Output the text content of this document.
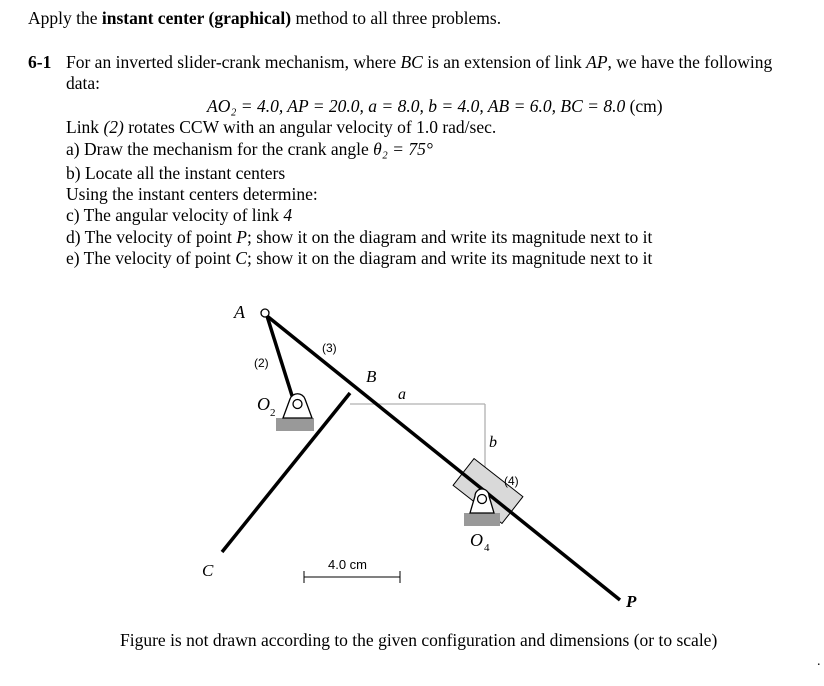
Apply the instant center (graphical) method to all three problems.
6-1 For an inverted slider-crank mechanism, where BC is an extension of link AP, we have the following
data:
AO₂ = 4.0, AP = 20.0, a = 8.0, b = 4.0, AB = 6.0, BC = 8.0 (cm)
Link (2) rotates CCW with an angular velocity of 1.0 rad/sec.
a) Draw the mechanism for the crank angle θ₂ = 75°
b) Locate all the instant centers
Using the instant centers determine:
c) The angular velocity of link 4
d) The velocity of point P; show it on the diagram and write its magnitude next to it
e) The velocity of point C; show it on the diagram and write its magnitude next to it
A
(2)
(3)
B
a
O 2
b
(4)
O 4
C	4.0 cm
P
Figure is not drawn according to the given configuration and dimensions (or to scale)
.
